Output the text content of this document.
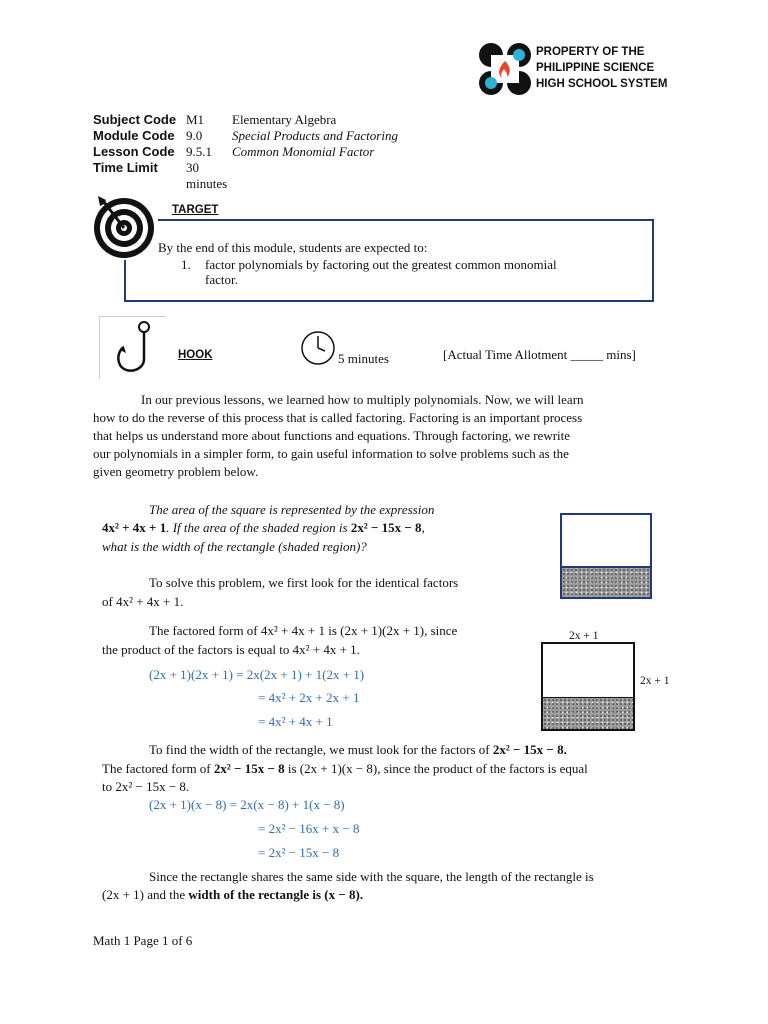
PROPERTY OF THE
PHILIPPINE SCIENCE
HIGH SCHOOL SYSTEM
Subject Code M1	Elementary Algebra
Module Code 9.0	Special Products and Factoring
Lesson Code 9.5.1	Common Monomial Factor
Time Limit	30 minutes
TARGET
By the end of this module, students are expected to:
1. factor polynomials by factoring out the greatest common monomial
factor.
HOOK	5 minutes	[Actual Time Allotment _____ mins]
In our previous lessons, we learned how to multiply polynomials. Now, we will learn
how to do the reverse of this process that is called factoring. Factoring is an important process
that helps us understand more about functions and equations. Through factoring, we rewrite
our polynomials in a simpler form, to gain useful information to solve problems such as the
given geometry problem below.
The area of the square is represented by the expression
4x² + 4x + 1. If the area of the shaded region is 2x² − 15x − 8,
what is the width of the rectangle (shaded region)?
To solve this problem, we first look for the identical factors
of 4x² + 4x + 1.
The factored form of 4x² + 4x + 1 is (2x + 1)(2x + 1), since
the product of the factors is equal to 4x² + 4x + 1.
2x + 1
2x + 1
(2x + 1)(2x + 1) = 2x(2x + 1) + 1(2x + 1)
= 4x² + 2x + 2x + 1
= 4x² + 4x + 1
To find the width of the rectangle, we must look for the factors of 2x² − 15x − 8.
The factored form of 2x² − 15x − 8 is (2x + 1)(x − 8), since the product of the factors is equal
to 2x² − 15x − 8.
(2x + 1)(x − 8) = 2x(x − 8) + 1(x − 8)
= 2x² − 16x + x − 8
= 2x² − 15x − 8
Since the rectangle shares the same side with the square, the length of the rectangle is
(2x + 1) and the width of the rectangle is (x − 8).
Math 1 Page 1 of 6
